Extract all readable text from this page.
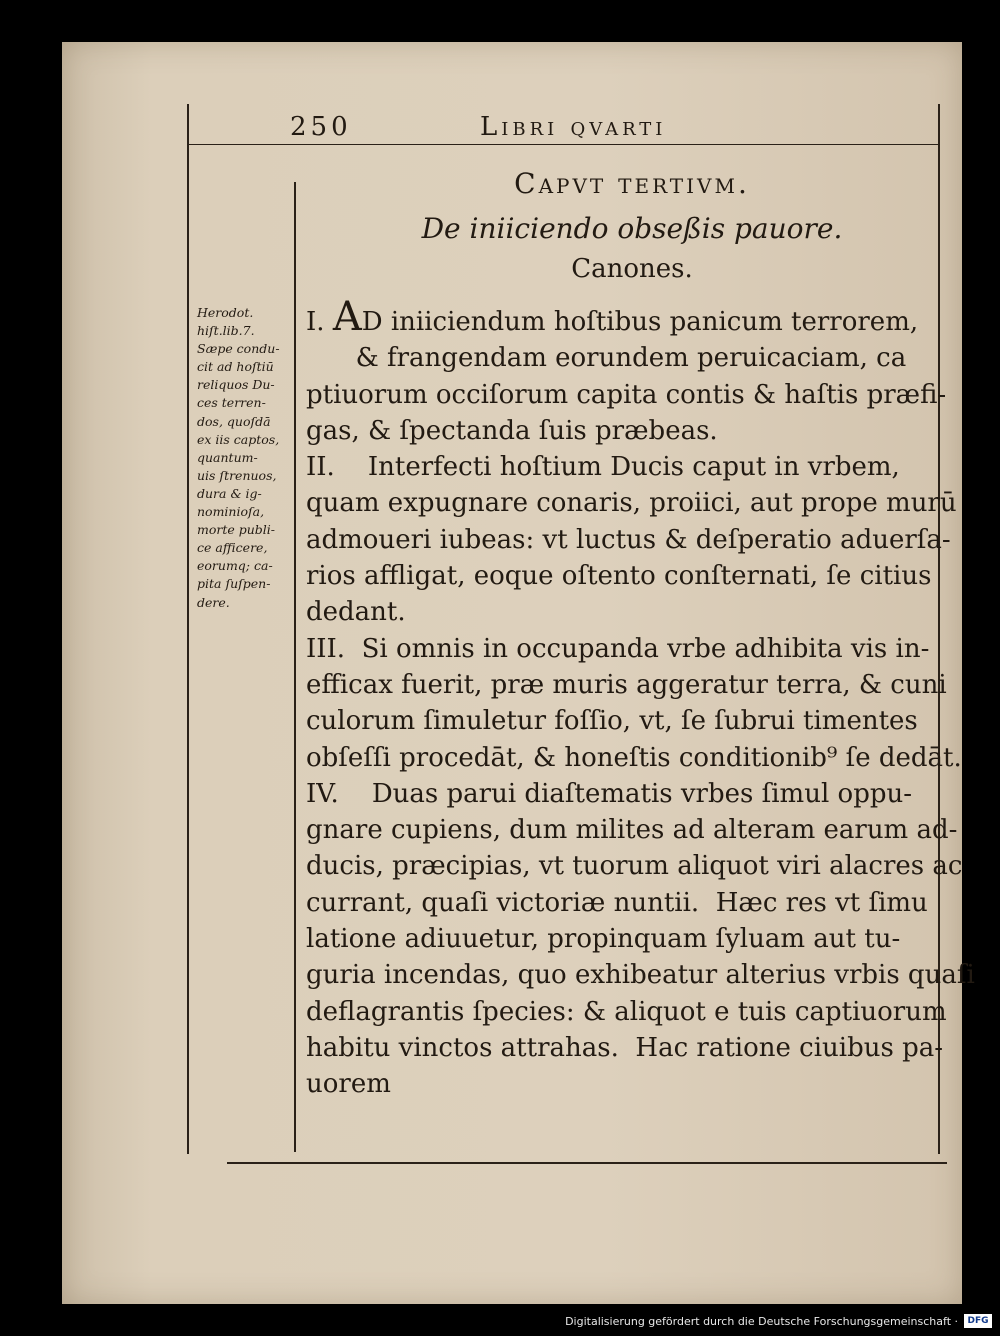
250	Libri qvarti
Capvt tertivm.
De iniiciendo obseßis pauore.
Canones.
Herodot.
hiſt.lib.7.
Sæpe condu-
cit ad hoſtiū
reliquos Du-
ces terren-
dos, quoſdā
ex iis captos,
quantum-
uis ſtrenuos,
dura & ig-
nominioſa,
morte publi-
ce afficere,
eorumq; ca-
pita ſuſpen-
dere.
I. AD iniiciendum hoſtibus panicum terrorem,
& frangendam eorundem peruicaciam, ca
ptiuorum occiſorum capita contis & haſtis præfi-
gas, & ſpectanda ſuis præbeas.
II.    Interfecti hoſtium Ducis caput in vrbem,
quam expugnare conaris, proiici, aut prope murū
admoueri iubeas: vt luctus & deſperatio aduerſa-
rios affligat, eoque oſtento conſternati, ſe citius
dedant.
III.  Si omnis in occupanda vrbe adhibita vis in-
efficax fuerit, præ muris aggeratur terra, & cuni
culorum ſimuletur foſſio, vt, ſe ſubrui timentes
obſeſſi procedāt, & honeſtis conditionib⁹ ſe dedāt.
IV.    Duas parui diaſtematis vrbes ſimul oppu-
gnare cupiens, dum milites ad alteram earum ad-
ducis, præcipias, vt tuorum aliquot viri alacres ac
currant, quaſi victoriæ nuntii.  Hæc res vt ſimu
latione adiuuetur, propinquam ſyluam aut tu-
guria incendas, quo exhibeatur alterius vrbis quaſi
deflagrantis ſpecies: & aliquot e tuis captiuorum
habitu vinctos attrahas.  Hac ratione ciuibus pa-
uorem
Digitalisierung gefördert durch die Deutsche Forschungsgemeinschaft ·	DFG
